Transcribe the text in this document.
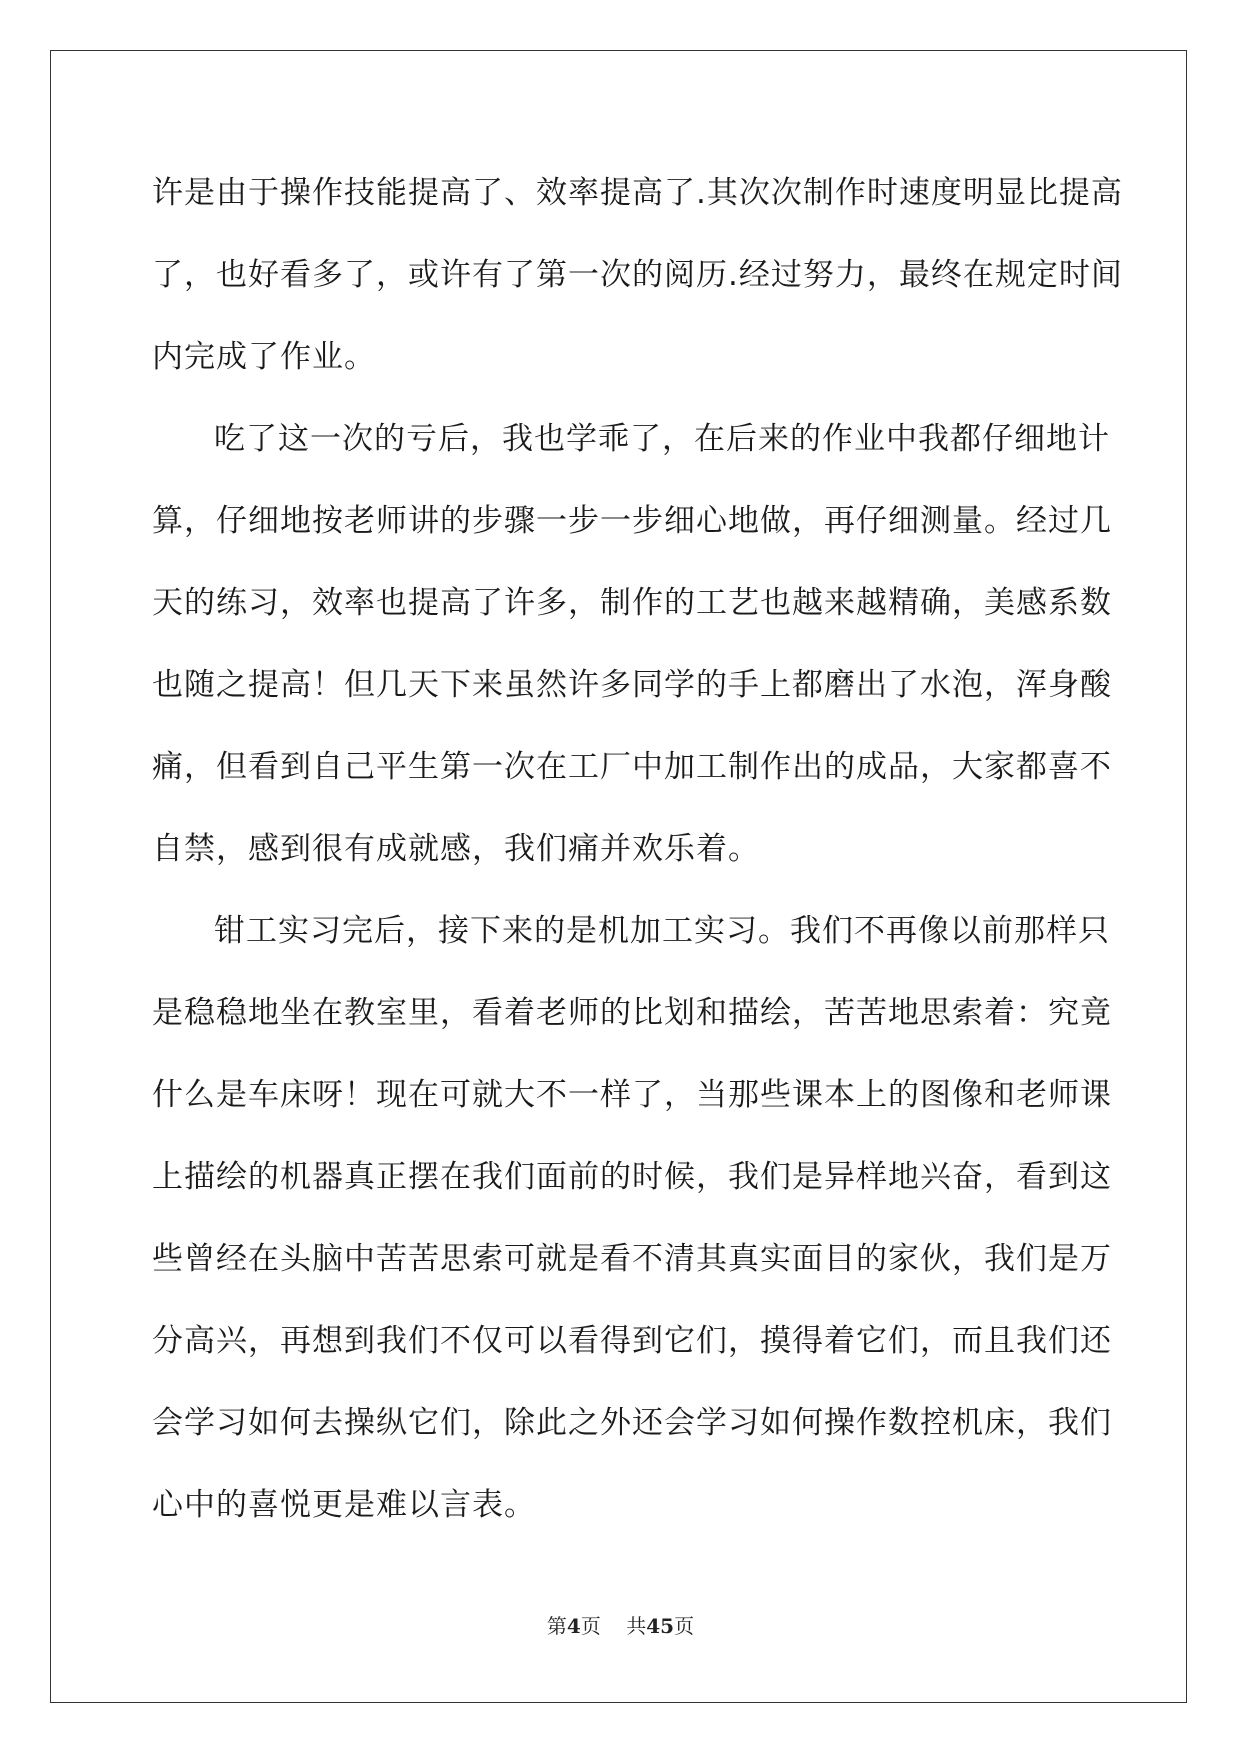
许是由于操作技能提高了、效率提高了.其次次制作时速度明显比提高
了，也好看多了，或许有了第一次的阅历.经过努力，最终在规定时间
内完成了作业。
吃了这一次的亏后，我也学乖了，在后来的作业中我都仔细地计
算，仔细地按老师讲的步骤一步一步细心地做，再仔细测量。经过几
天的练习，效率也提高了许多，制作的工艺也越来越精确，美感系数
也随之提高！但几天下来虽然许多同学的手上都磨出了水泡，浑身酸
痛，但看到自己平生第一次在工厂中加工制作出的成品，大家都喜不
自禁，感到很有成就感，我们痛并欢乐着。
钳工实习完后，接下来的是机加工实习。我们不再像以前那样只
是稳稳地坐在教室里，看着老师的比划和描绘，苦苦地思索着：究竟
什么是车床呀！现在可就大不一样了，当那些课本上的图像和老师课
上描绘的机器真正摆在我们面前的时候，我们是异样地兴奋，看到这
些曾经在头脑中苦苦思索可就是看不清其真实面目的家伙，我们是万
分高兴，再想到我们不仅可以看得到它们，摸得着它们，而且我们还
会学习如何去操纵它们，除此之外还会学习如何操作数控机床，我们
心中的喜悦更是难以言表。
第4页 共45页
